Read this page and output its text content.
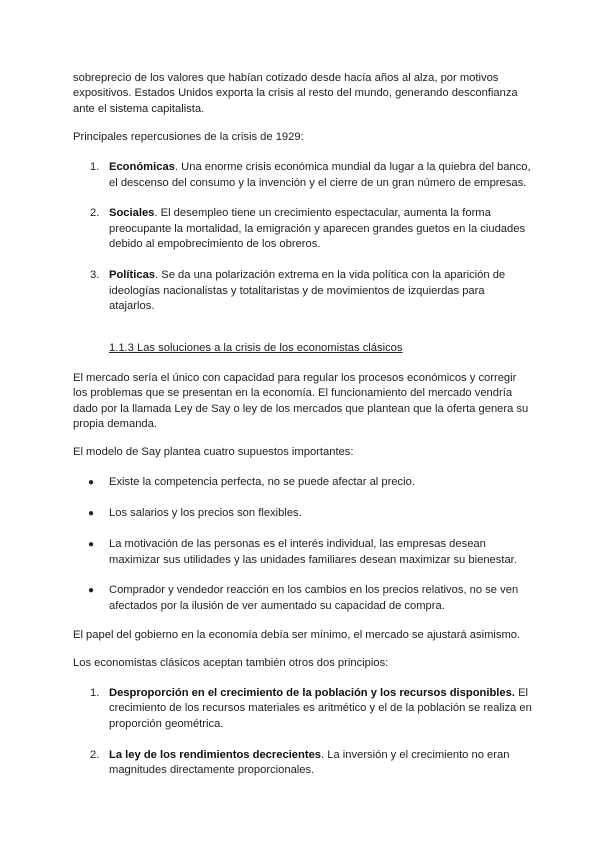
sobreprecio de los valores que habían cotizado desde hacía años al alza, por motivos expositivos. Estados Unidos exporta la crisis al resto del mundo, generando desconfianza ante el sistema capitalista.

Principales repercusiones de la crisis de 1929:

1. Económicas. Una enorme crisis económica mundial da lugar a la quiebra del banco, el descenso del consumo y la invención y el cierre de un gran número de empresas.
2. Sociales. El desempleo tiene un crecimiento espectacular, aumenta la forma preocupante la mortalidad, la emigración y aparecen grandes guetos en la ciudades debido al empobrecimiento de los obreros.
3. Políticas. Se da una polarización extrema en la vida política con la aparición de ideologías nacionalistas y totalitaristas y de movimientos de izquierdas para atajarlos.

1.1.3 Las soluciones a la crisis de los economistas clásicos

El mercado sería el único con capacidad para regular los procesos económicos y corregir los problemas que se presentan en la economía. El funcionamiento del mercado vendría dado por la llamada Ley de Say o ley de los mercados que plantean que la oferta genera su propia demanda.

El modelo de Say plantea cuatro supuestos importantes:

● Existe la competencia perfecta, no se puede afectar al precio.
● Los salarios y los precios son flexibles.
● La motivación de las personas es el interés individual, las empresas desean maximizar sus utilidades y las unidades familiares desean maximizar su bienestar.
● Comprador y vendedor reacción en los cambios en los precios relativos, no se ven afectados por la ilusión de ver aumentado su capacidad de compra.

El papel del gobierno en la economía debía ser mínimo, el mercado se ajustará asimismo.

Los economistas clásicos aceptan también otros dos principios:

1. Desproporción en el crecimiento de la población y los recursos disponibles. El crecimiento de los recursos materiales es aritmético y el de la población se realiza en proporción geométrica.
2. La ley de los rendimientos decrecientes. La inversión y el crecimiento no eran magnitudes directamente proporcionales.
